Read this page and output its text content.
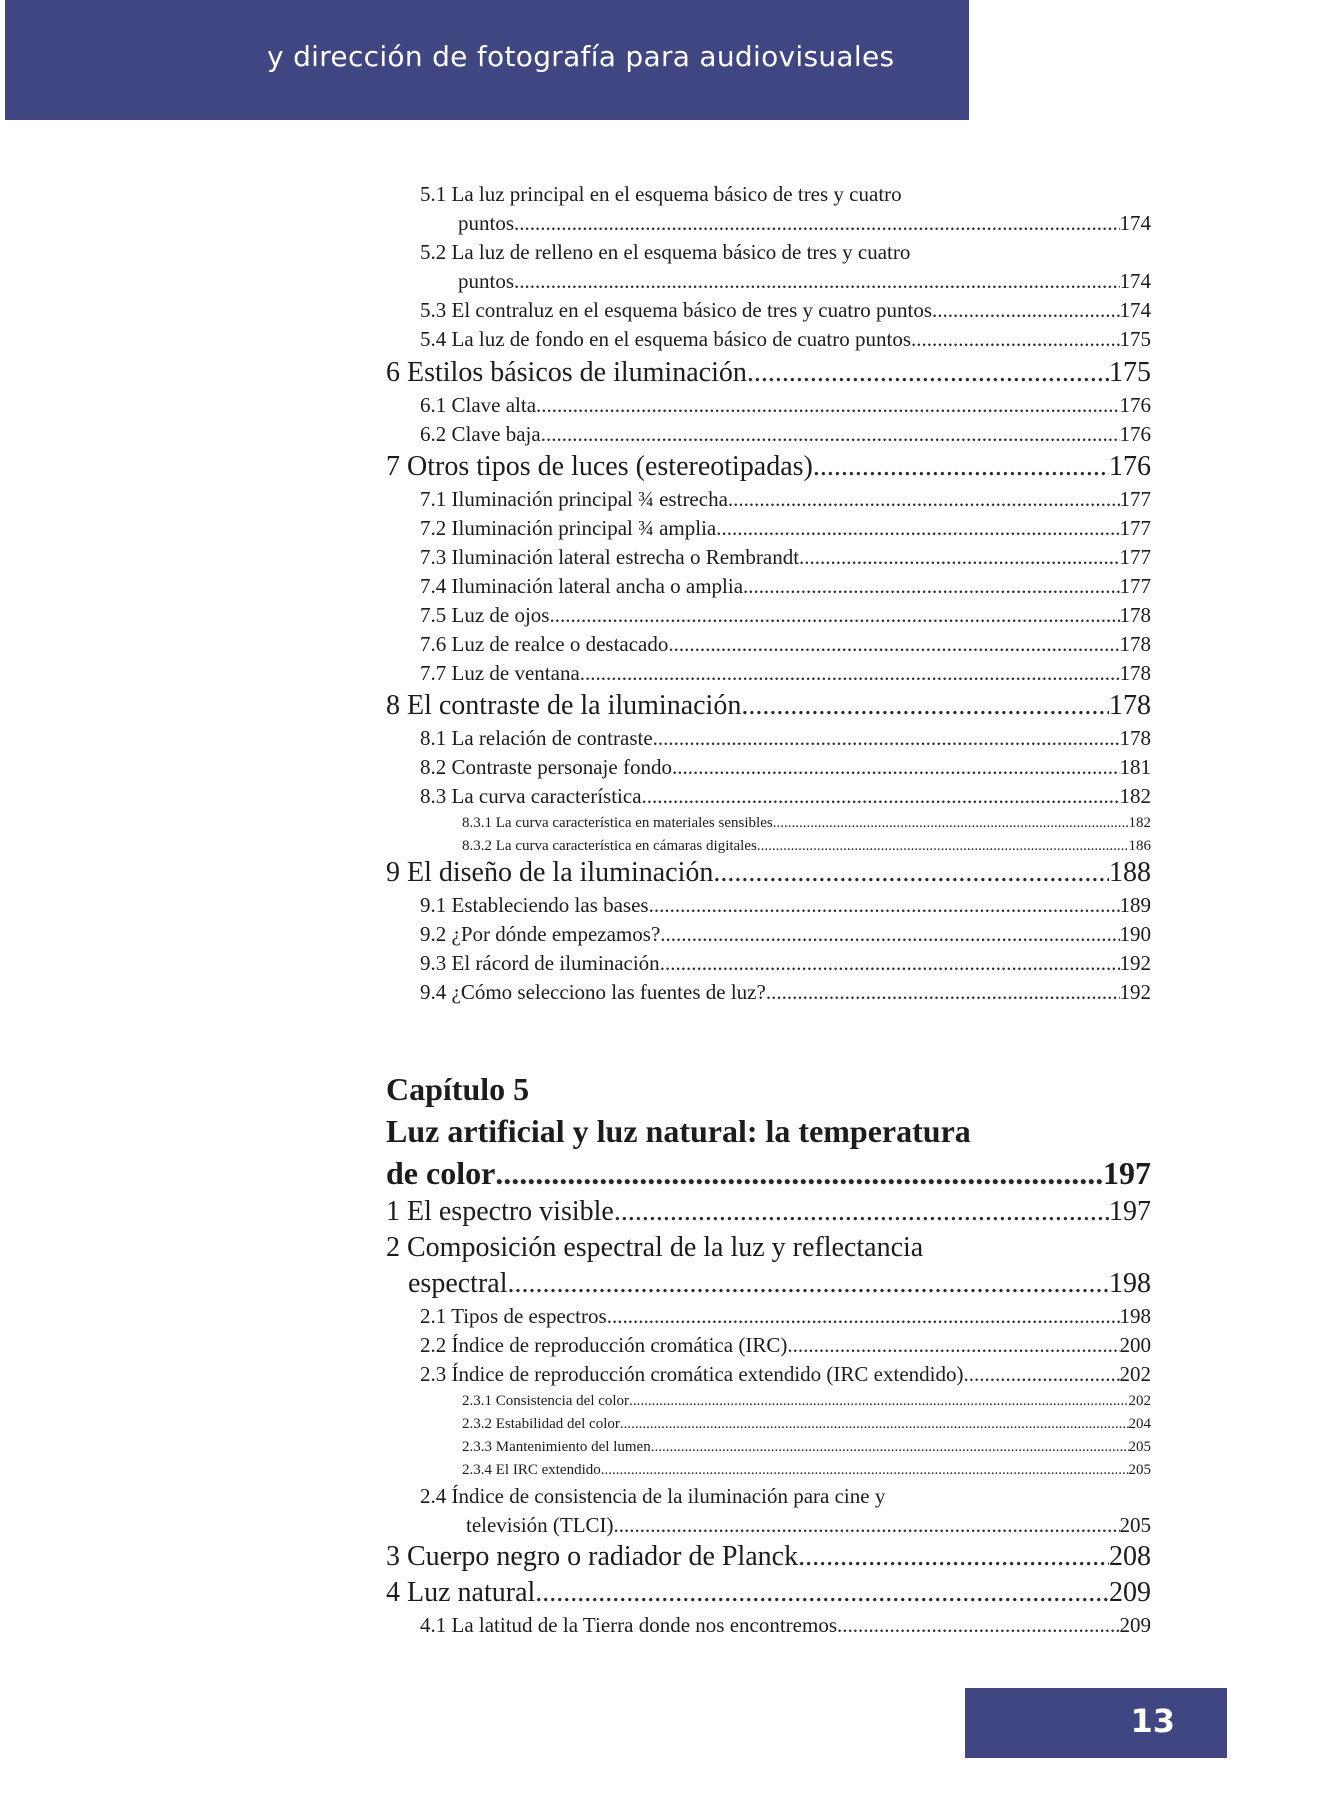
y dirección de fotografía para audiovisuales
5.1 La luz principal en el esquema básico de tres y cuatro
puntos .....	174
5.2 La luz de relleno en el esquema básico de tres y cuatro
puntos .....	174
5.3 El contraluz en el esquema básico de tres y cuatro puntos .....	174
5.4 La luz de fondo en el esquema básico de cuatro puntos .....	175
6 Estilos básicos de iluminación .....	175
6.1 Clave alta .....	176
6.2 Clave baja .....	176
7 Otros tipos de luces (estereotipadas) .....	176
7.1 Iluminación principal ¾ estrecha .....	177
7.2 Iluminación principal ¾ amplia .....	177
7.3 Iluminación lateral estrecha o Rembrandt .....	177
7.4 Iluminación lateral ancha o amplia .....	177
7.5 Luz de ojos .....	178
7.6 Luz de realce o destacado .....	178
7.7 Luz de ventana .....	178
8 El contraste de la iluminación .....	178
8.1 La relación de contraste .....	178
8.2 Contraste personaje fondo .....	181
8.3 La curva característica .....	182
8.3.1 La curva característica en materiales sensibles .....	182
8.3.2 La curva característica en cámaras digitales .....	186
9 El diseño de la iluminación .....	188
9.1 Estableciendo las bases .....	189
9.2 ¿Por dónde empezamos? .....	190
9.3 El rácord de iluminación .....	192
9.4 ¿Cómo selecciono las fuentes de luz? .....	192
Capítulo 5
Luz artificial y luz natural: la temperatura
de color .....	197
1 El espectro visible .....	197
2 Composición espectral de la luz y reflectancia
espectral .....	198
2.1 Tipos de espectros .....	198
2.2 Índice de reproducción cromática (IRC) .....	200
2.3 Índice de reproducción cromática extendido (IRC extendido) .....	202
2.3.1 Consistencia del color .....	202
2.3.2 Estabilidad del color .....	204
2.3.3 Mantenimiento del lumen .....	205
2.3.4 El IRC extendido .....	205
2.4 Índice de consistencia de la iluminación para cine y
televisión (TLCI) .....	205
3 Cuerpo negro o radiador de Planck .....	208
4 Luz natural .....	209
4.1 La latitud de la Tierra donde nos encontremos .....	209
13
